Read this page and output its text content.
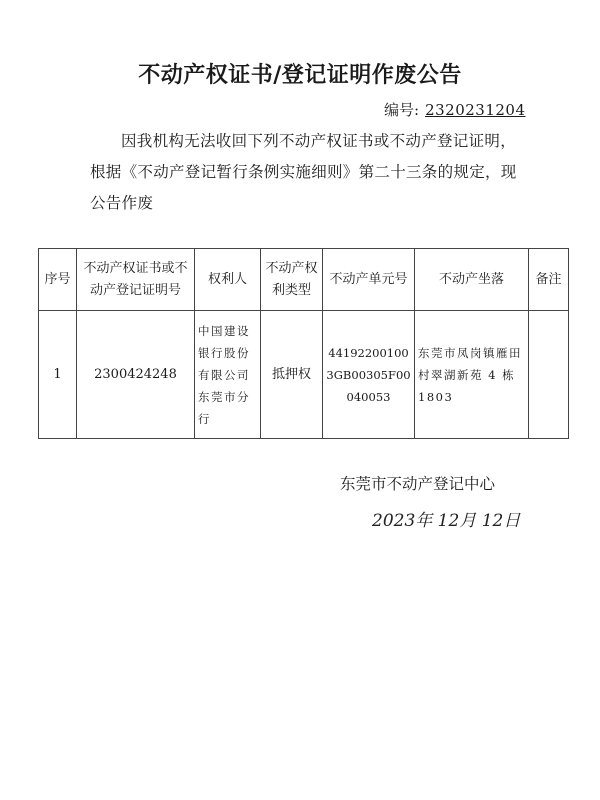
不动产权证书/登记证明作废公告
编号: 2320231204
因我机构无法收回下列不动产权证书或不动产登记证明，根据《不动产登记暂行条例实施细则》第二十三条的规定，现公告作废
序号	不动产权证书或不动产登记证明号	权利人	不动产权利类型	不动产单元号	不动产坐落	备注
1	2300424248	中国建设银行股份有限公司东莞市分行	抵押权	441922001003GB00305F00040053	东莞市凤岗镇雁田村翠湖新苑 4 栋 1803	
东莞市不动产登记中心
2023年 12月 12日
